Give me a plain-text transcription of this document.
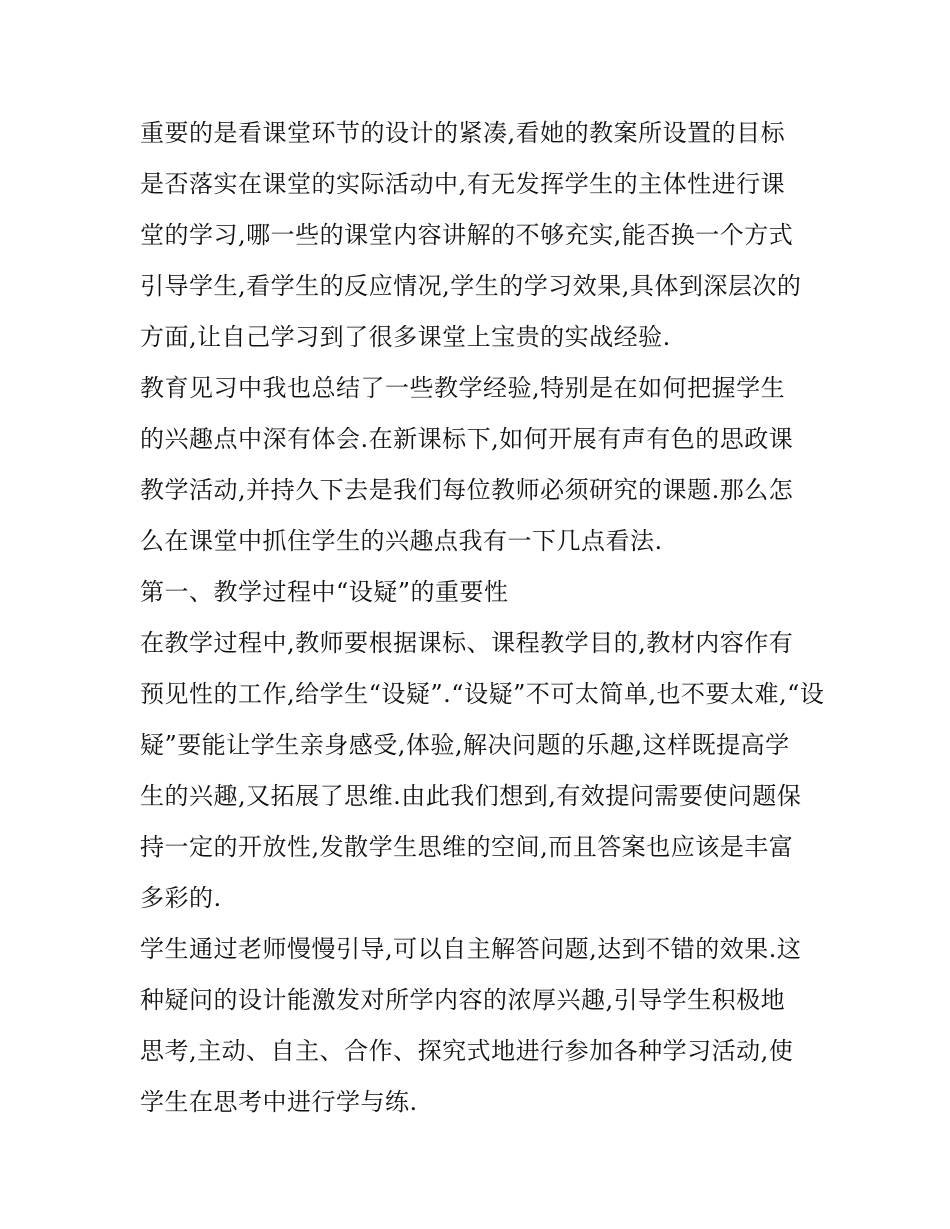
重要的是看课堂环节的设计的紧凑,看她的教案所设置的目标
是否落实在课堂的实际活动中,有无发挥学生的主体性进行课
堂的学习,哪一些的课堂内容讲解的不够充实,能否换一个方式
引导学生,看学生的反应情况,学生的学习效果,具体到深层次的
方面,让自己学习到了很多课堂上宝贵的实战经验.
教育见习中我也总结了一些教学经验,特别是在如何把握学生
的兴趣点中深有体会.在新课标下,如何开展有声有色的思政课
教学活动,并持久下去是我们每位教师必须研究的课题.那么怎
么在课堂中抓住学生的兴趣点我有一下几点看法.
第一、教学过程中“设疑”的重要性
在教学过程中,教师要根据课标、课程教学目的,教材内容作有
预见性的工作,给学生“设疑”.“设疑”不可太简单,也不要太难,“设
疑”要能让学生亲身感受,体验,解决问题的乐趣,这样既提高学
生的兴趣,又拓展了思维.由此我们想到,有效提问需要使问题保
持一定的开放性,发散学生思维的空间,而且答案也应该是丰富
多彩的.
学生通过老师慢慢引导,可以自主解答问题,达到不错的效果.这
种疑问的设计能激发对所学内容的浓厚兴趣,引导学生积极地
思考,主动、自主、合作、探究式地进行参加各种学习活动,使
学生在思考中进行学与练.
